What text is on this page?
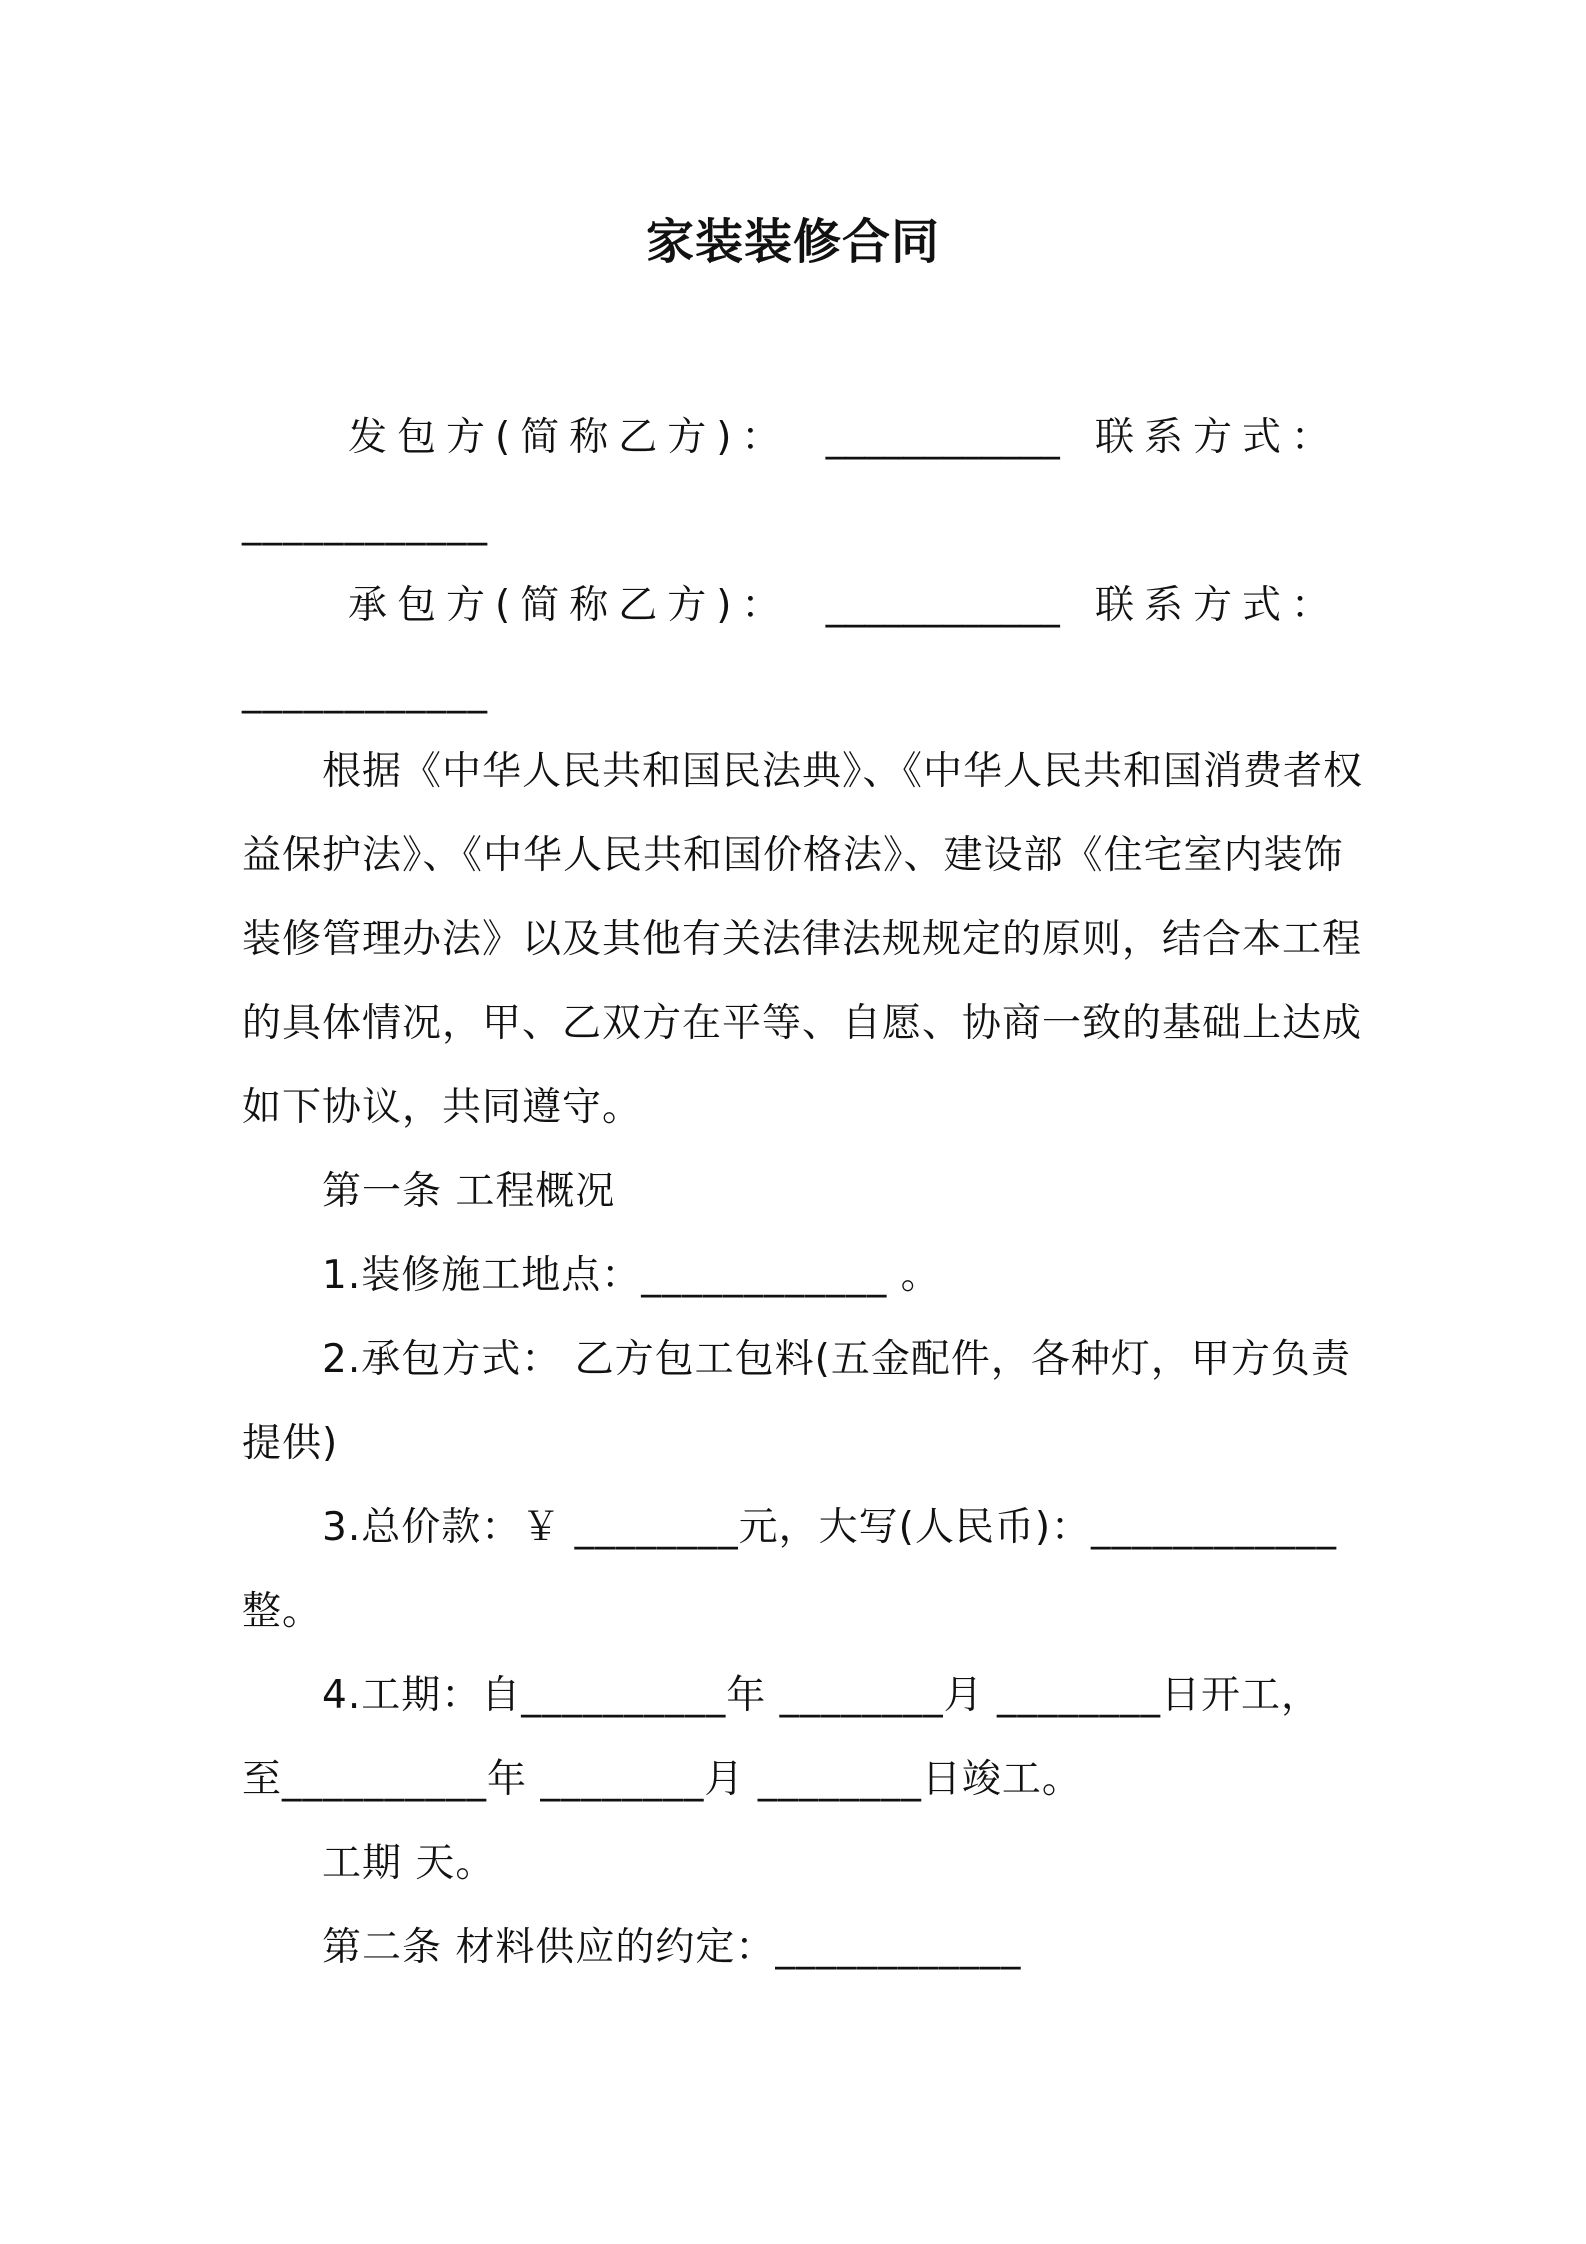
家装装修合同
发包方(简称乙方)： ____________ 联系方式：
____________
承包方(简称乙方)： ____________ 联系方式：
____________
根据《中华人民共和国民法典》、《中华人民共和国消费者权
益保护法》、《中华人民共和国价格法》、建设部《住宅室内装饰
装修管理办法》以及其他有关法律法规规定的原则，结合本工程
的具体情况，甲、乙双方在平等、自愿、协商一致的基础上达成
如下协议，共同遵守。
第一条 工程概况
1.装修施工地点：____________ 。
2.承包方式： 乙方包工包料(五金配件，各种灯，甲方负责
提供)
3.总价款：￥ ________元，大写(人民币)：____________
整。
4.工期：自__________年 ________月 ________日开工，
至__________年 ________月 ________日竣工。
工期 天。
第二条 材料供应的约定：____________
